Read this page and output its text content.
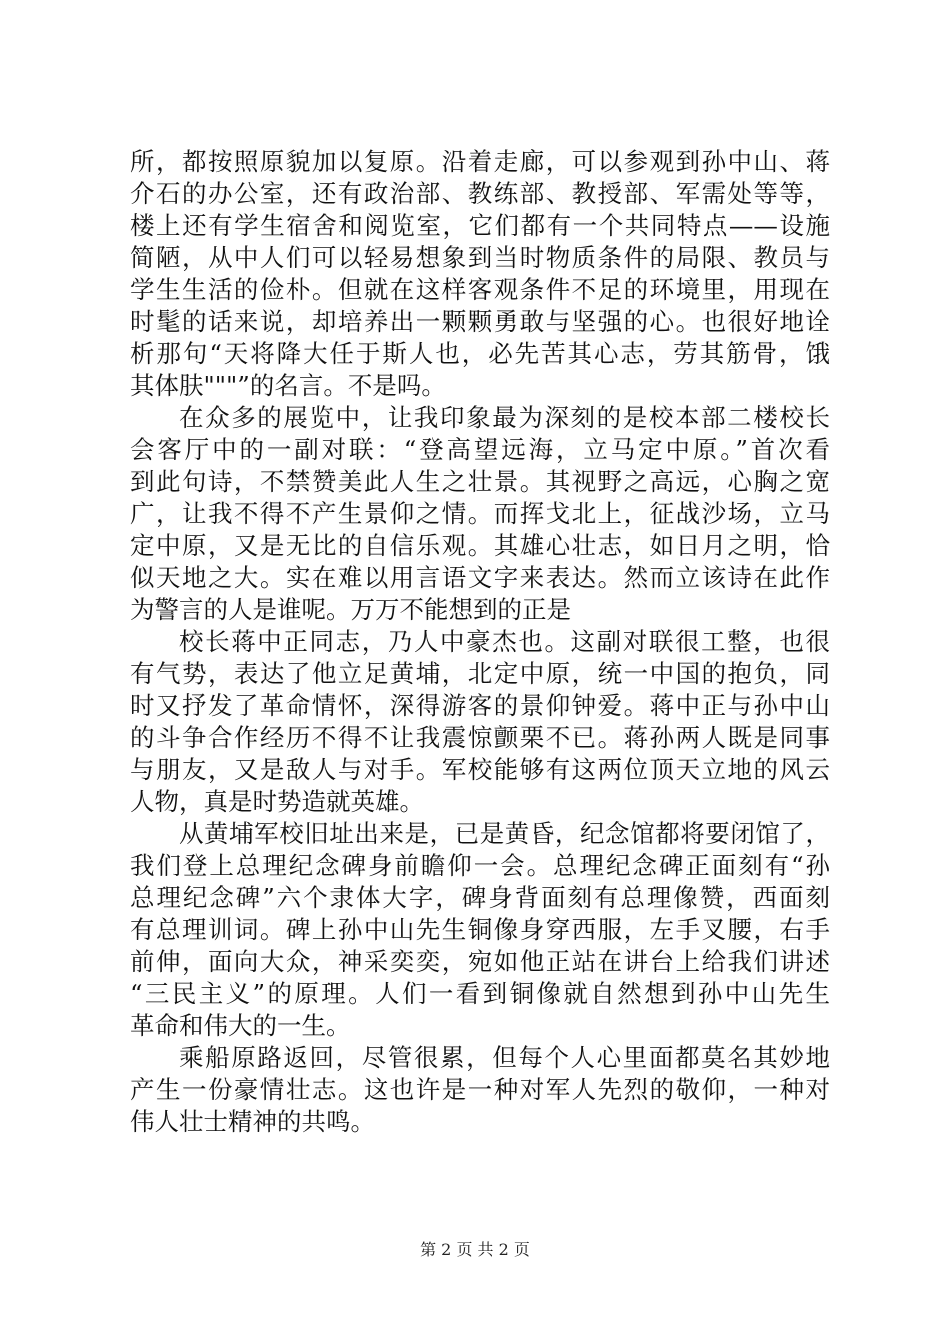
所，都按照原貌加以复原。沿着走廊，可以参观到孙中山、蒋
介石的办公室，还有政治部、教练部、教授部、军需处等等，
楼上还有学生宿舍和阅览室，它们都有一个共同特点——设施
简陋，从中人们可以轻易想象到当时物质条件的局限、教员与
学生生活的俭朴。但就在这样客观条件不足的环境里，用现在
时髦的话来说，却培养出一颗颗勇敢与坚强的心。也很好地诠
析那句“天将降大任于斯人也，必先苦其心志，劳其筋骨，饿
其体肤"""”的名言。不是吗。
在众多的展览中，让我印象最为深刻的是校本部二楼校长
会客厅中的一副对联：“登高望远海，立马定中原。”首次看
到此句诗，不禁赞美此人生之壮景。其视野之高远，心胸之宽
广，让我不得不产生景仰之情。而挥戈北上，征战沙场，立马
定中原，又是无比的自信乐观。其雄心壮志，如日月之明，恰
似天地之大。实在难以用言语文字来表达。然而立该诗在此作
为警言的人是谁呢。万万不能想到的正是
校长蒋中正同志，乃人中豪杰也。这副对联很工整，也很
有气势，表达了他立足黄埔，北定中原，统一中国的抱负，同
时又抒发了革命情怀，深得游客的景仰钟爱。蒋中正与孙中山
的斗争合作经历不得不让我震惊颤栗不已。蒋孙两人既是同事
与朋友，又是敌人与对手。军校能够有这两位顶天立地的风云
人物，真是时势造就英雄。
从黄埔军校旧址出来是，已是黄昏，纪念馆都将要闭馆了，
我们登上总理纪念碑身前瞻仰一会。总理纪念碑正面刻有“孙
总理纪念碑”六个隶体大字，碑身背面刻有总理像赞，西面刻
有总理训词。碑上孙中山先生铜像身穿西服，左手叉腰，右手
前伸，面向大众，神采奕奕，宛如他正站在讲台上给我们讲述
“三民主义”的原理。人们一看到铜像就自然想到孙中山先生
革命和伟大的一生。
乘船原路返回，尽管很累，但每个人心里面都莫名其妙地
产生一份豪情壮志。这也许是一种对军人先烈的敬仰，一种对
伟人壮士精神的共鸣。
第 2 页 共 2 页
